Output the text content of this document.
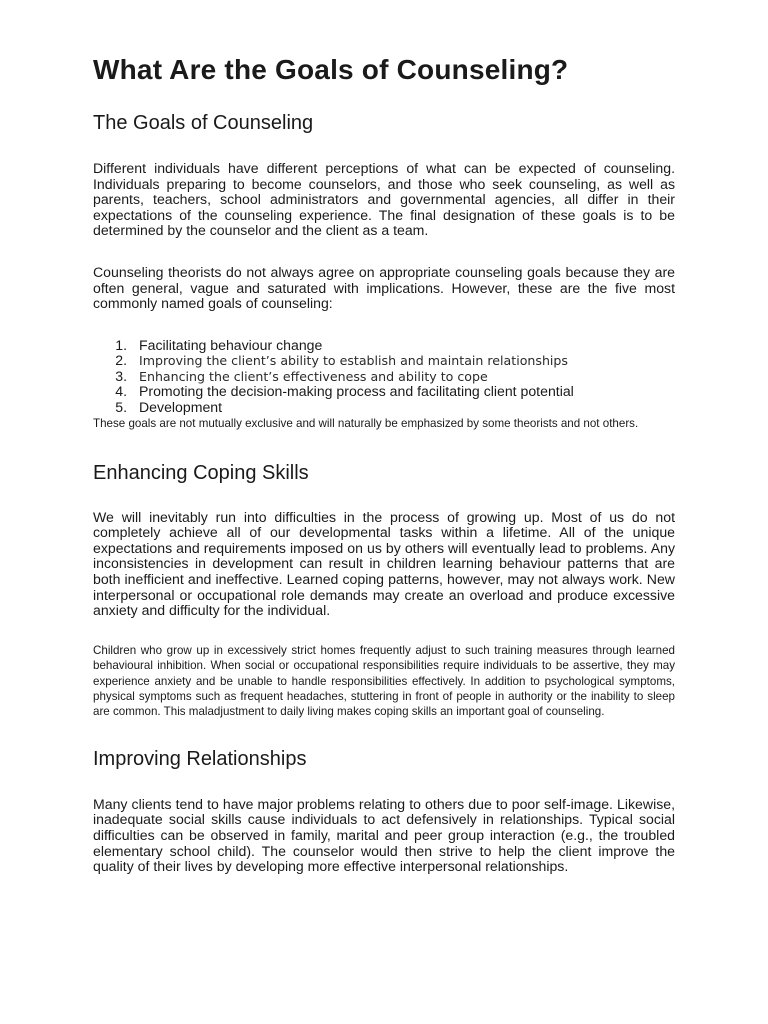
What Are the Goals of Counseling?
The Goals of Counseling

Different individuals have different perceptions of what can be expected of counseling. Individuals preparing to become counselors, and those who seek counseling, as well as parents, teachers, school administrators and governmental agencies, all differ in their expectations of the counseling experience. The final designation of these goals is to be determined by the counselor and the client as a team.

Counseling theorists do not always agree on appropriate counseling goals because they are often general, vague and saturated with implications. However, these are the five most commonly named goals of counseling:

1. Facilitating behaviour change
2. Improving the client’s ability to establish and maintain relationships
3. Enhancing the client’s effectiveness and ability to cope
4. Promoting the decision-making process and facilitating client potential
5. Development

These goals are not mutually exclusive and will naturally be emphasized by some theorists and not others.

Enhancing Coping Skills

We will inevitably run into difficulties in the process of growing up. Most of us do not completely achieve all of our developmental tasks within a lifetime. All of the unique expectations and requirements imposed on us by others will eventually lead to problems. Any inconsistencies in development can result in children learning behaviour patterns that are both inefficient and ineffective. Learned coping patterns, however, may not always work. New interpersonal or occupational role demands may create an overload and produce excessive anxiety and difficulty for the individual.

Children who grow up in excessively strict homes frequently adjust to such training measures through learned behavioural inhibition. When social or occupational responsibilities require individuals to be assertive, they may experience anxiety and be unable to handle responsibilities effectively. In addition to psychological symptoms, physical symptoms such as frequent headaches, stuttering in front of people in authority or the inability to sleep are common. This maladjustment to daily living makes coping skills an important goal of counseling.

Improving Relationships

Many clients tend to have major problems relating to others due to poor self-image. Likewise, inadequate social skills cause individuals to act defensively in relationships. Typical social difficulties can be observed in family, marital and peer group interaction (e.g., the troubled elementary school child). The counselor would then strive to help the client improve the quality of their lives by developing more effective interpersonal relationships.
